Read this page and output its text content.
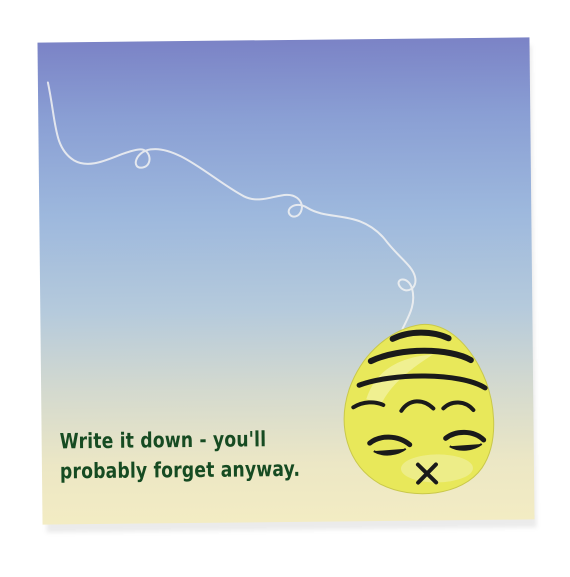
Write it down - you'll
probably forget anyway.
